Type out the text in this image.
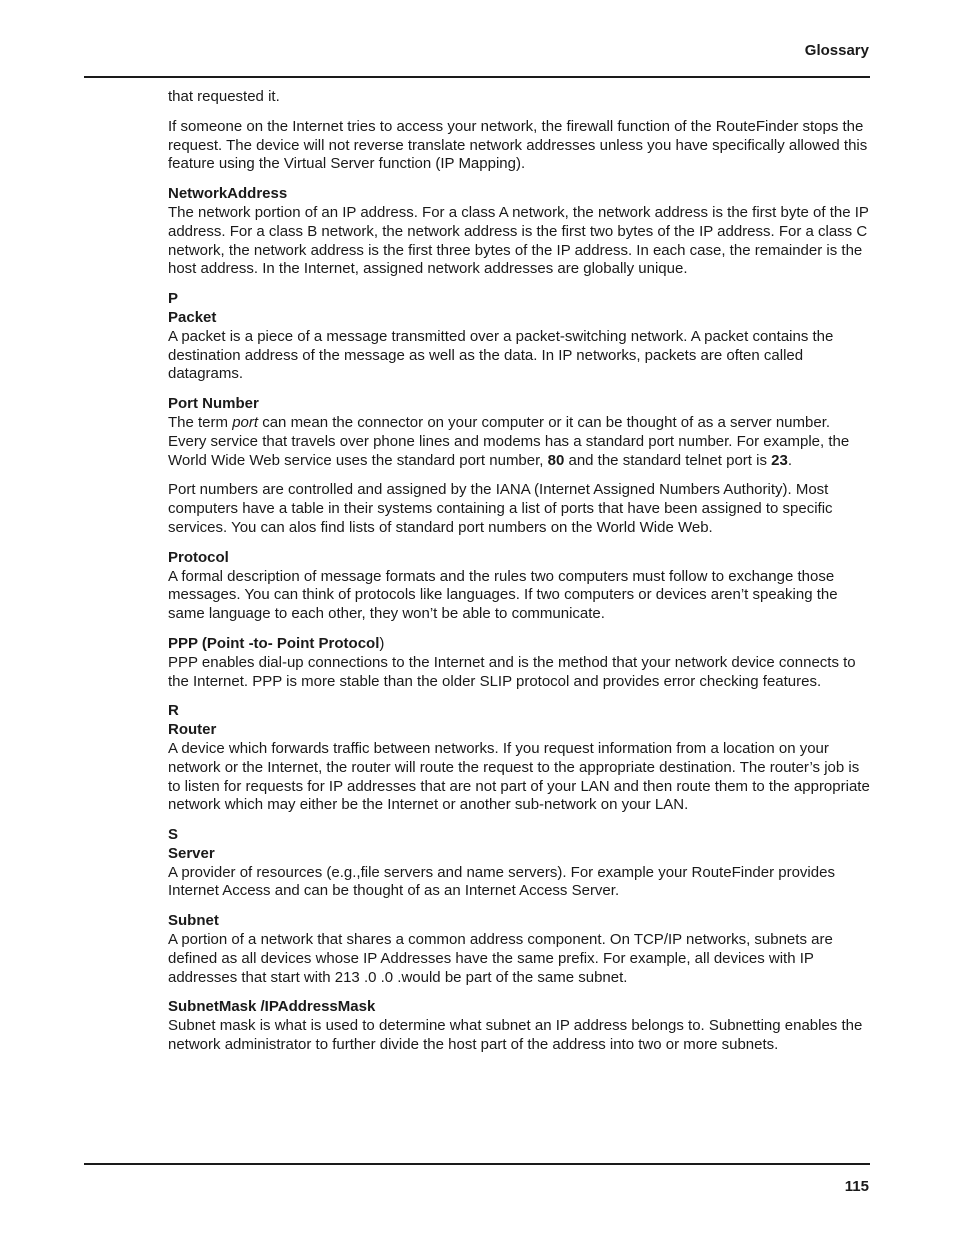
Glossary

that requested it.

If someone on the Internet tries to access your network, the firewall function of the RouteFinder stops the request. The device will not reverse translate network addresses unless you have specifically allowed this feature using the Virtual Server function (IP Mapping).

NetworkAddress
The network portion of an IP address. For a class A network, the network address is the first byte of the IP address. For a class B network, the network address is the first two bytes of the IP address. For a class C network, the network address is the first three bytes of the IP address. In each case, the remainder is the host address. In the Internet, assigned network addresses are globally unique.

P
Packet
A packet is a piece of a message transmitted over a packet-switching network. A packet contains the destination address of the message as well as the data. In IP networks, packets are often called datagrams.

Port Number
The term port can mean the connector on your computer or it can be thought of as a server number. Every service that travels over phone lines and modems has a standard port number. For example, the World Wide Web service uses the standard port number, 80 and the standard telnet port is 23.

Port numbers are controlled and assigned by the IANA (Internet Assigned Numbers Authority). Most computers have a table in their systems containing a list of ports that have been assigned to specific services. You can alos find lists of standard port numbers on the World Wide Web.

Protocol
A formal description of message formats and the rules two computers must follow to exchange those messages. You can think of protocols like languages. If two computers or devices aren’t speaking the same language to each other, they won’t be able to communicate.

PPP (Point -to- Point Protocol)
PPP enables dial-up connections to the Internet and is the method that your network device connects to the Internet. PPP is more stable than the older SLIP protocol and provides error checking features.

R
Router
A device which forwards traffic between networks. If you request information from a location on your network or the Internet, the router will route the request to the appropriate destination. The router’s job is to listen for requests for IP addresses that are not part of your LAN and then route them to the appropriate network which may either be the Internet or another sub-network on your LAN.

S
Server
A provider of resources (e.g.,file servers and name servers). For example your RouteFinder provides Internet Access and can be thought of as an Internet Access Server.

Subnet
A portion of a network that shares a common address component. On TCP/IP networks, subnets are defined as all devices whose IP Addresses have the same prefix. For example, all devices with IP addresses that start with 213 .0 .0 .would be part of the same subnet.

SubnetMask /IPAddressMask
Subnet mask is what is used to determine what subnet an IP address belongs to. Subnetting enables the network administrator to further divide the host part of the address into two or more subnets.

115
